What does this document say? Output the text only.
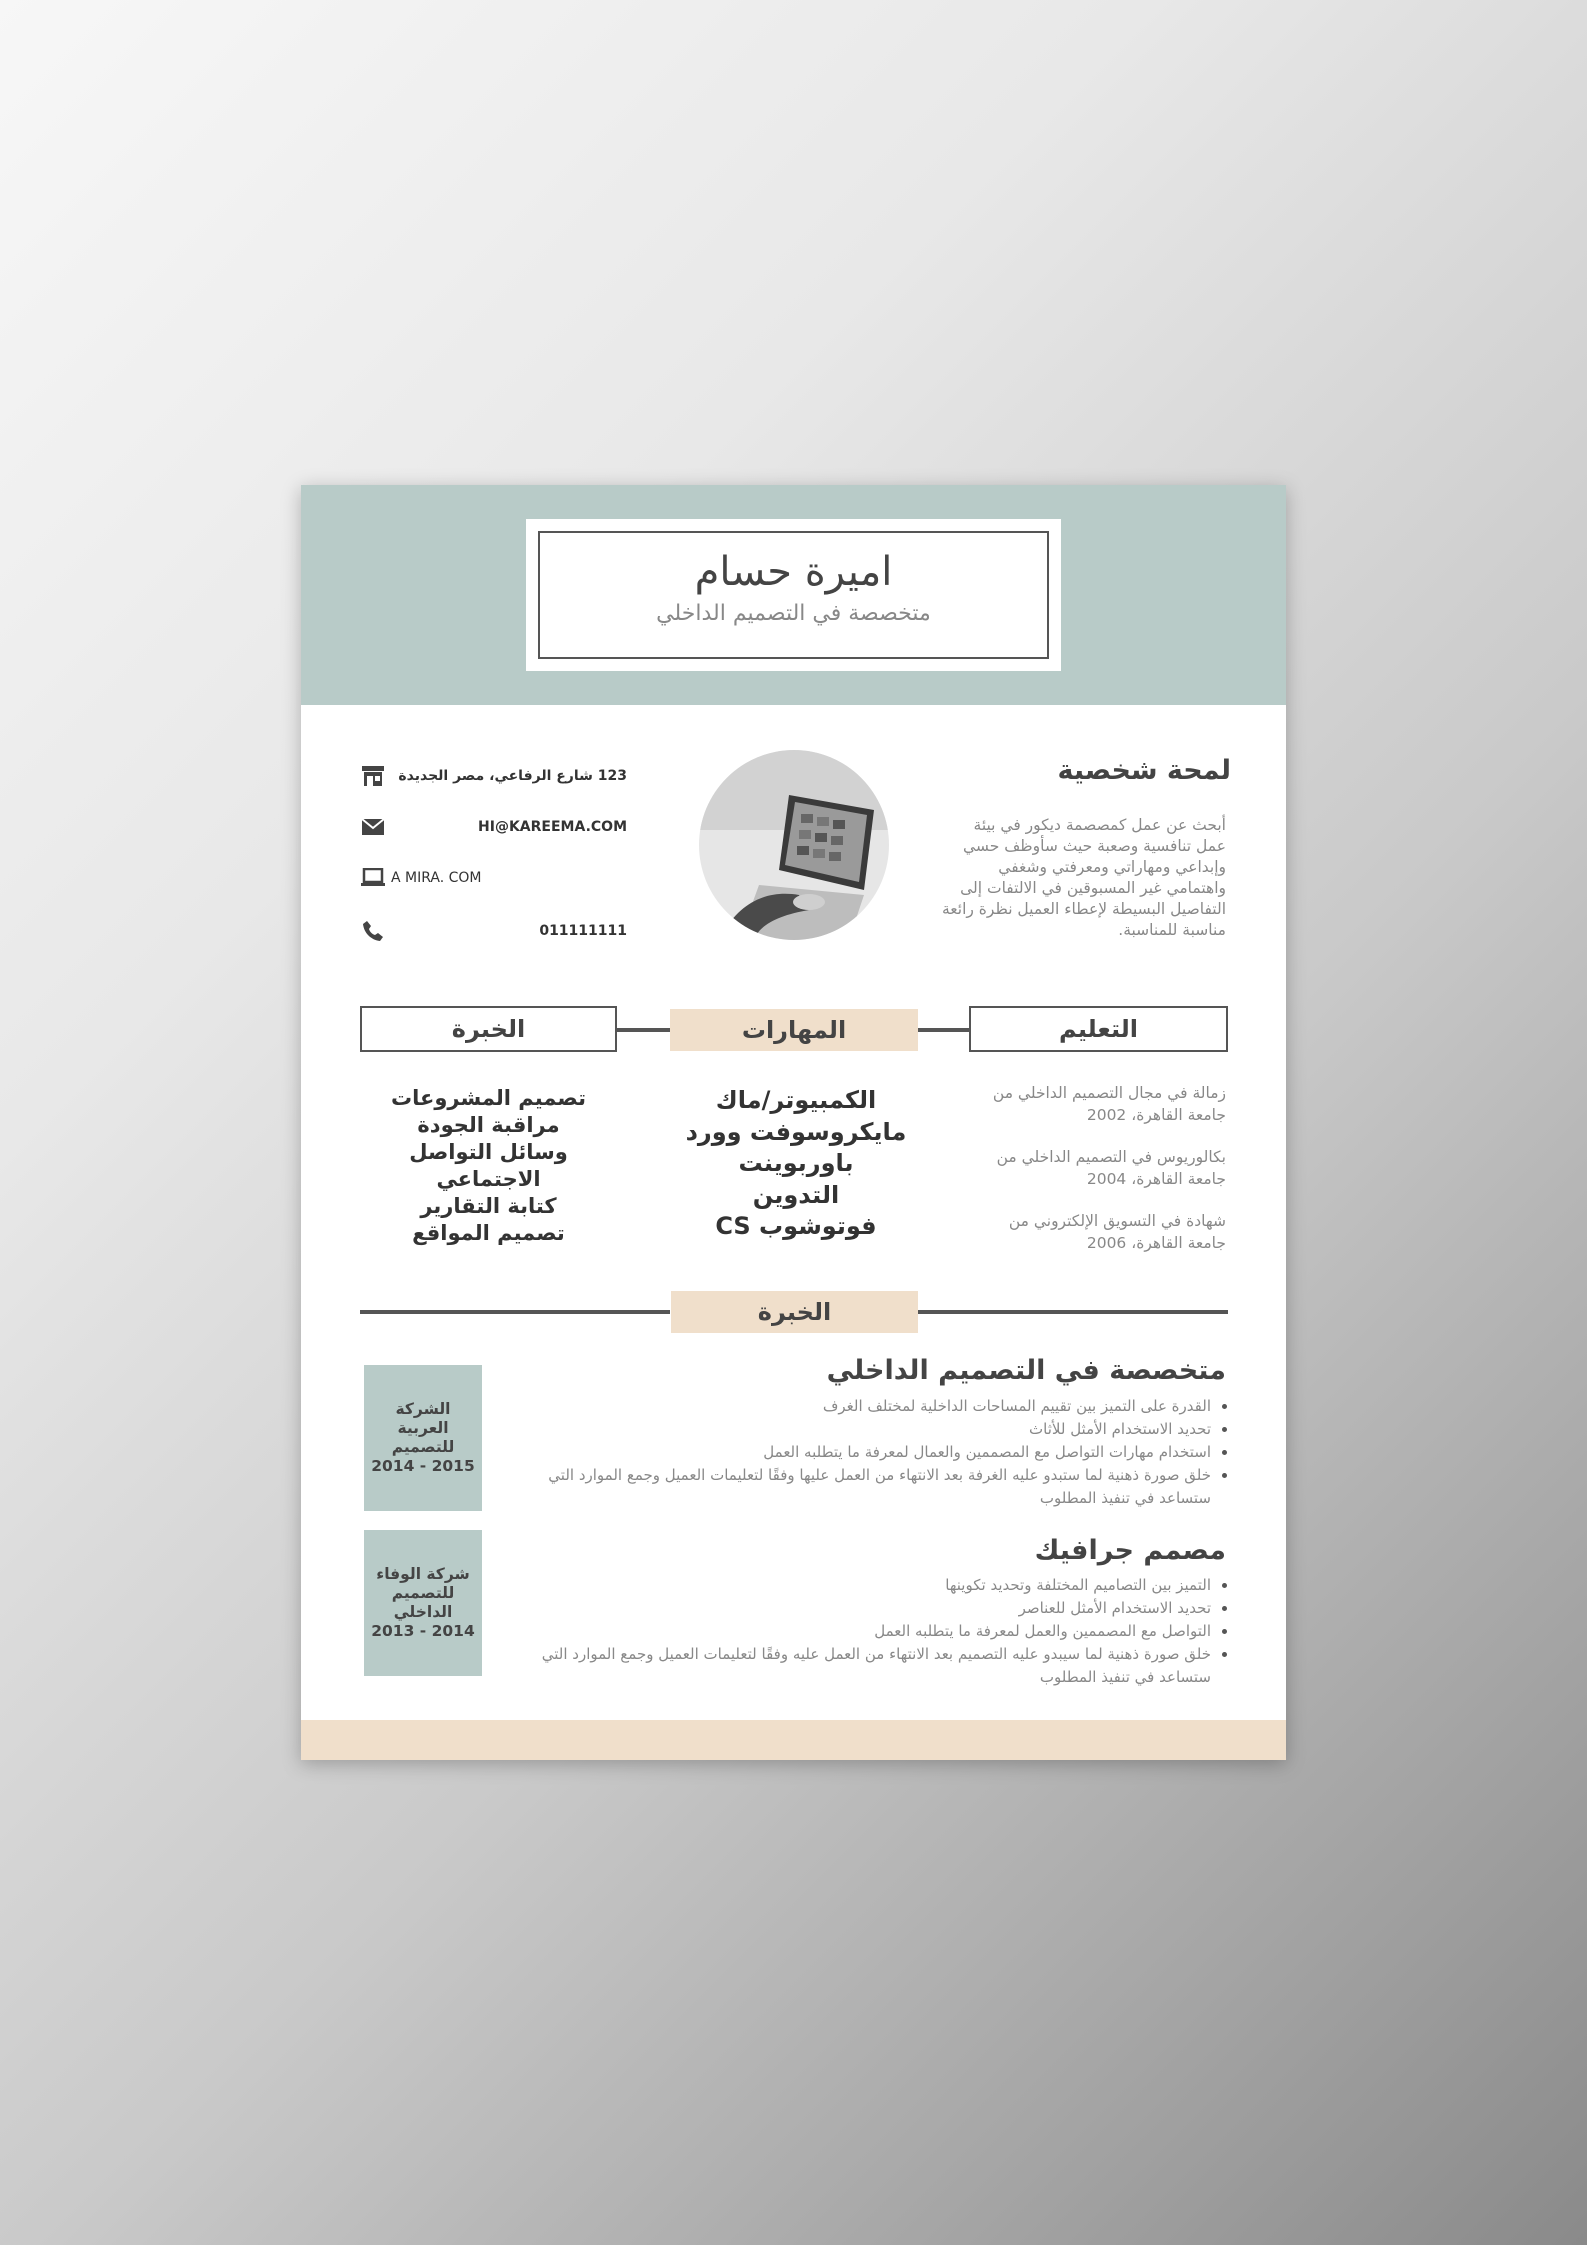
اميرة حسام
متخصصة في التصميم الداخلي
123 شارع الرفاعي، مصر الجديدة
HI@KAREEMA.COM
A MIRA. COM
011111111
لمحة شخصية
أبحث عن عمل كمصصمة ديكور في بيئة عمل تنافسية وصعبة حيث سأوظف حسي وإبداعي ومهاراتي ومعرفتي وشغفي واهتمامي غير المسبوقين في الالتفات إلى التفاصيل البسيطة لإعطاء العميل نظرة رائعة مناسبة للمناسبة.
الخبرة	المهارات	التعليم
تصميم المشروعات
مراقبة الجودة
وسائل التواصل
الاجتماعي
كتابة التقارير
تصميم المواقع
الكمبيوتر/ماك
مايكروسوفت وورد
باوربوينت
التدوين
فوتوشوب CS
زمالة في مجال التصميم الداخلي من
جامعة القاهرة، 2002
بكالوريوس في التصميم الداخلي من
جامعة القاهرة، 2004
شهادة في التسويق الإلكتروني من
جامعة القاهرة، 2006
الخبرة
الشركة العربية للتصميم
2014 - 2015
متخصصة في التصميم الداخلي
• القدرة على التميز بين تقييم المساحات الداخلية لمختلف الغرف
• تحديد الاستخدام الأمثل للأثاث
• استخدام مهارات التواصل مع المصممين والعمال لمعرفة ما يتطلبه العمل
• خلق صورة ذهنية لما ستبدو عليه الغرفة بعد الانتهاء من العمل عليها وفقًا لتعليمات العميل وجمع الموارد التي ستساعد في تنفيذ المطلوب
شركة الوفاء للتصميم الداخلي
2013 - 2014
مصمم جرافيك
• التميز بين التصاميم المختلفة وتحديد تكوينها
• تحديد الاستخدام الأمثل للعناصر
• التواصل مع المصممين والعمل لمعرفة ما يتطلبه العمل
• خلق صورة ذهنية لما سيبدو عليه التصميم بعد الانتهاء من العمل عليه وفقًا لتعليمات العميل وجمع الموارد التي ستساعد في تنفيذ المطلوب
